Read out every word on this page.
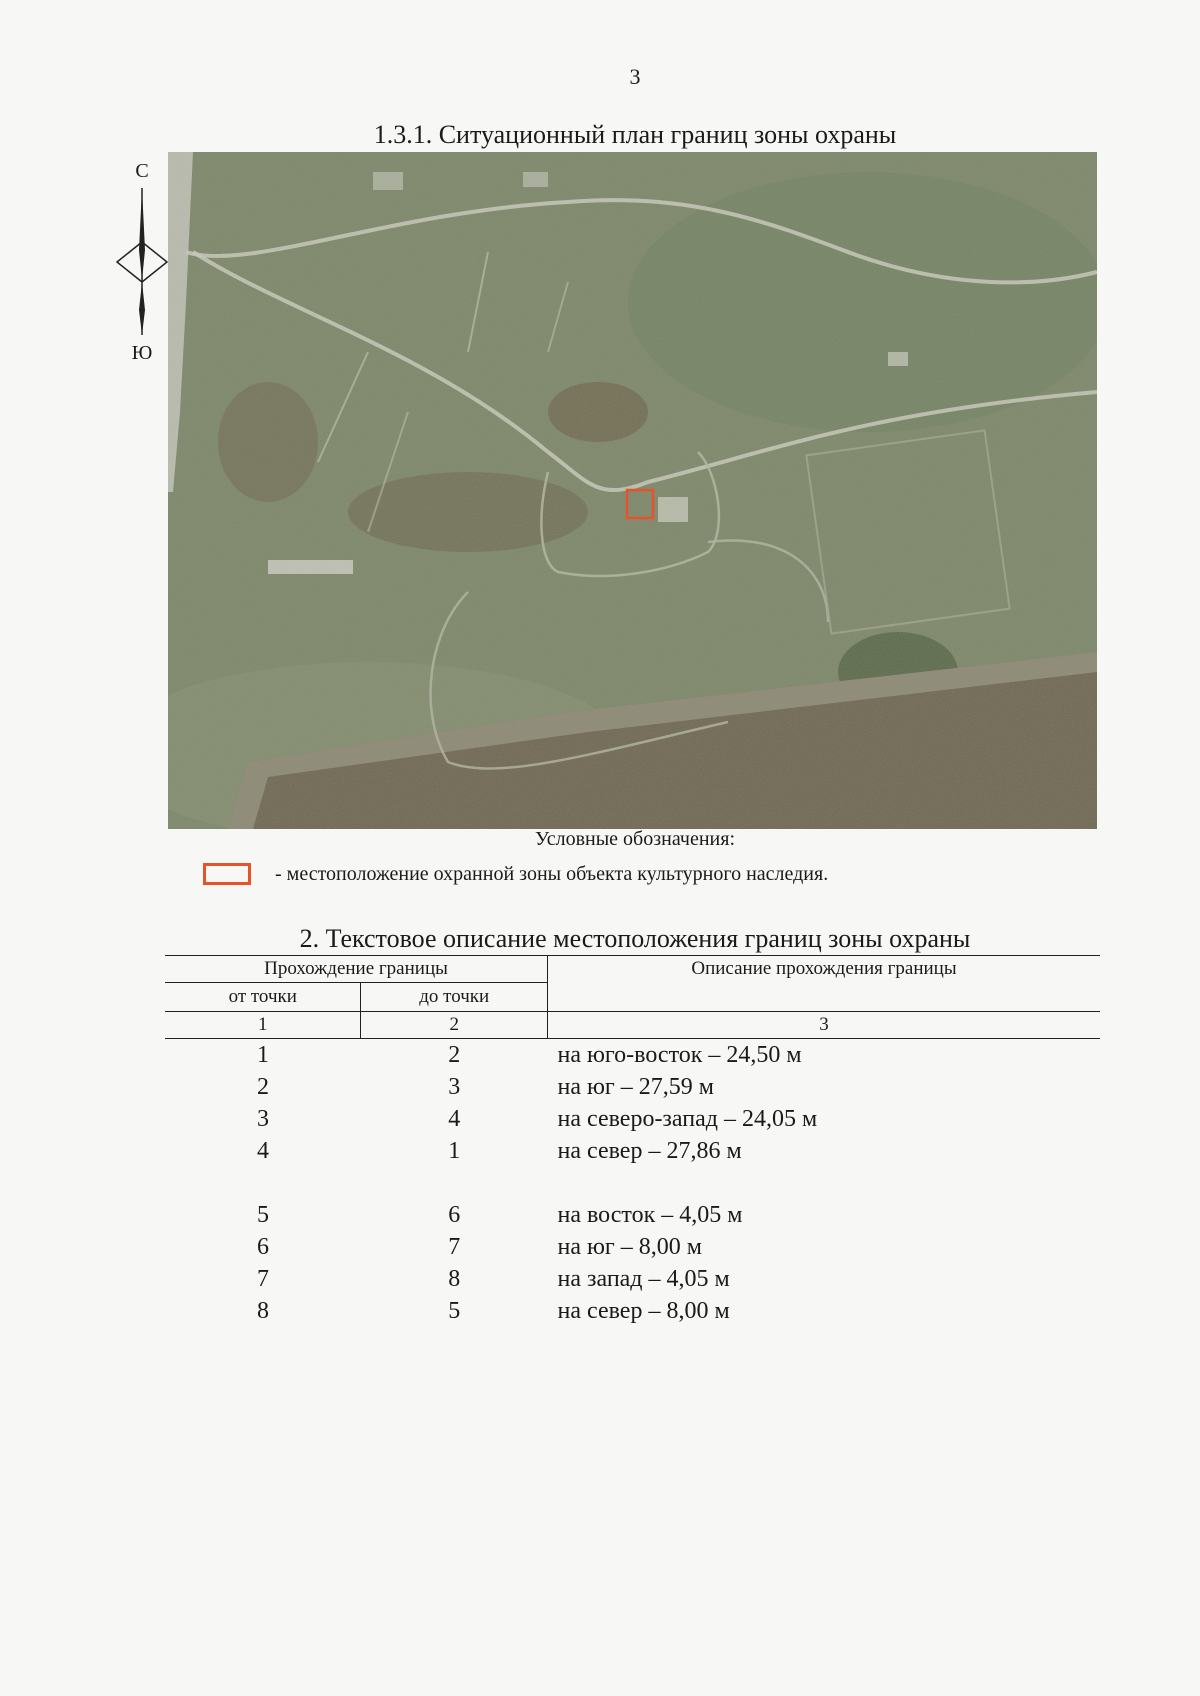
3
1.3.1. Ситуационный план границ зоны охраны
С
Ю
Условные обозначения:
- местоположение охранной зоны объекта культурного наследия.
2. Текстовое описание местоположения границ зоны охраны
Прохождение границы		Описание прохождения границы
от точки	до точки	
1	2	3
1	2	на юго-восток – 24,50 м
2	3	на юг – 27,59 м
3	4	на северо-запад – 24,05 м
4	1	на север – 27,86 м

5	6	на восток – 4,05 м
6	7	на юг – 8,00 м
7	8	на запад – 4,05 м
8	5	на север – 8,00 м
